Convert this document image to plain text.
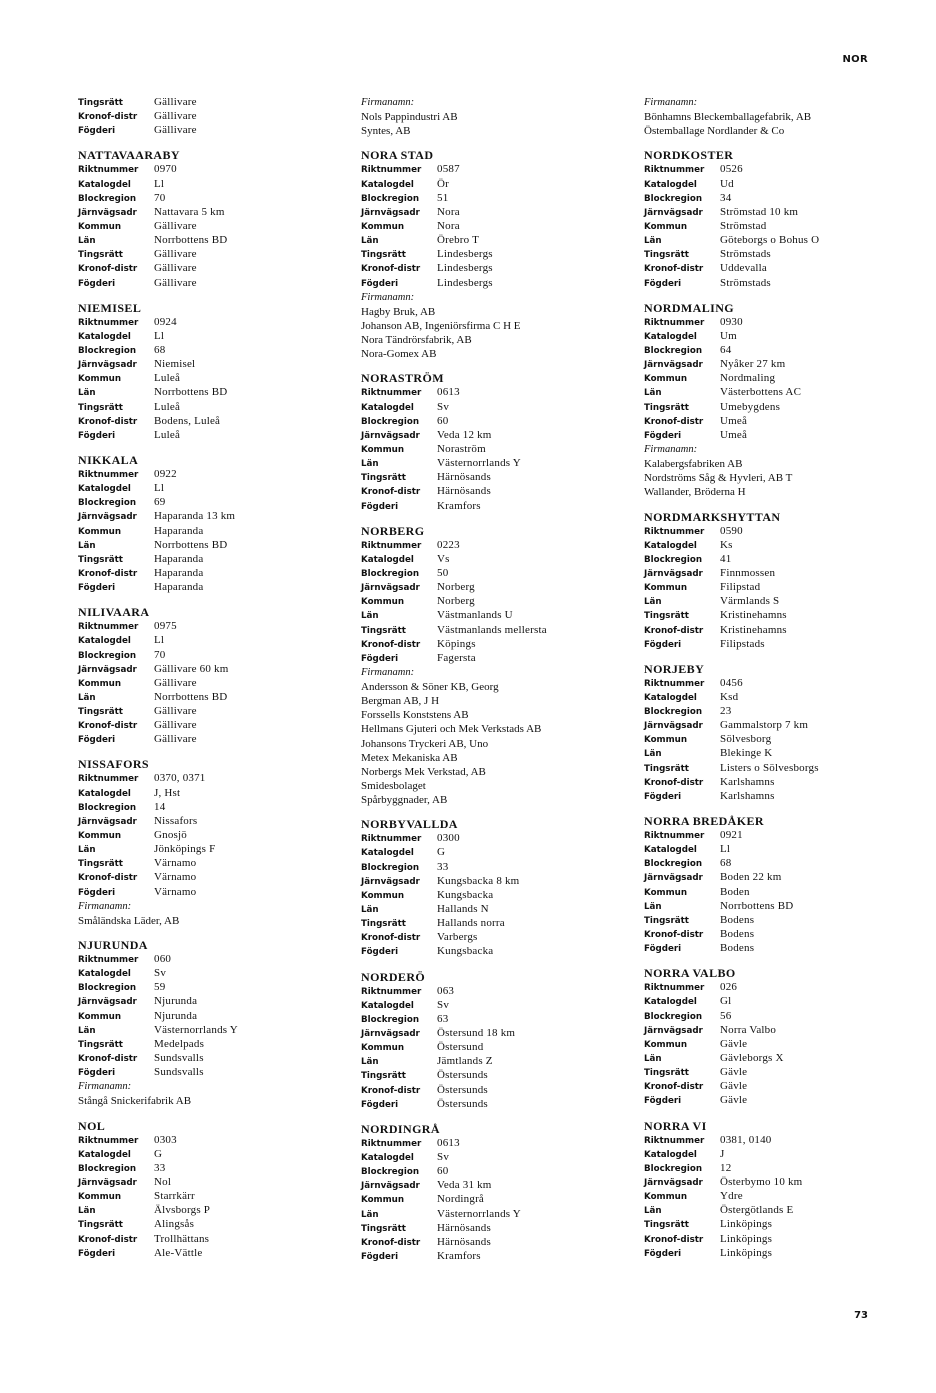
NOR
Tingsrätt	Gällivare
Kronof-distr	Gällivare
Fögderi	Gällivare
NATTAVAARABY
Riktnummer	0970
Katalogdel	Ll
Blockregion	70
Järnvägsadr	Nattavara 5 km
Kommun	Gällivare
Län	Norrbottens BD
Tingsrätt	Gällivare
Kronof-distr	Gällivare
Fögderi	Gällivare
NIEMISEL
Riktnummer	0924
Katalogdel	Ll
Blockregion	68
Järnvägsadr	Niemisel
Kommun	Luleå
Län	Norrbottens BD
Tingsrätt	Luleå
Kronof-distr	Bodens, Luleå
Fögderi	Luleå
NIKKALA
Riktnummer	0922
Katalogdel	Ll
Blockregion	69
Järnvägsadr	Haparanda 13 km
Kommun	Haparanda
Län	Norrbottens BD
Tingsrätt	Haparanda
Kronof-distr	Haparanda
Fögderi	Haparanda
NILIVAARA
Riktnummer	0975
Katalogdel	Ll
Blockregion	70
Järnvägsadr	Gällivare 60 km
Kommun	Gällivare
Län	Norrbottens BD
Tingsrätt	Gällivare
Kronof-distr	Gällivare
Fögderi	Gällivare
NISSAFORS
Riktnummer	0370, 0371
Katalogdel	J, Hst
Blockregion	14
Järnvägsadr	Nissafors
Kommun	Gnosjö
Län	Jönköpings F
Tingsrätt	Värnamo
Kronof-distr	Värnamo
Fögderi	Värnamo
Firmanamn:
Småländska Läder, AB
NJURUNDA
Riktnummer	060
Katalogdel	Sv
Blockregion	59
Järnvägsadr	Njurunda
Kommun	Njurunda
Län	Västernorrlands Y
Tingsrätt	Medelpads
Kronof-distr	Sundsvalls
Fögderi	Sundsvalls
Firmanamn:
Stångå Snickerifabrik AB
NOL
Riktnummer	0303
Katalogdel	G
Blockregion	33
Järnvägsadr	Nol
Kommun	Starrkärr
Län	Älvsborgs P
Tingsrätt	Alingsås
Kronof-distr	Trollhättans
Fögderi	Ale-Vättle
Firmanamn:
Nols Pappindustri AB
Syntes, AB
NORA STAD
Riktnummer	0587
Katalogdel	Ör
Blockregion	51
Järnvägsadr	Nora
Kommun	Nora
Län	Örebro T
Tingsrätt	Lindesbergs
Kronof-distr	Lindesbergs
Fögderi	Lindesbergs
Firmanamn:
Hagby Bruk, AB
Johanson AB, Ingeniörsfirma C H E
Nora Tändrörsfabrik, AB
Nora-Gomex AB
NORASTRÖM
Riktnummer	0613
Katalogdel	Sv
Blockregion	60
Järnvägsadr	Veda 12 km
Kommun	Noraström
Län	Västernorrlands Y
Tingsrätt	Härnösands
Kronof-distr	Härnösands
Fögderi	Kramfors
NORBERG
Riktnummer	0223
Katalogdel	Vs
Blockregion	50
Järnvägsadr	Norberg
Kommun	Norberg
Län	Västmanlands U
Tingsrätt	Västmanlands mellersta
Kronof-distr	Köpings
Fögderi	Fagersta
Firmanamn:
Andersson & Söner KB, Georg
Bergman AB, J H
Forssells Konststens AB
Hellmans Gjuteri och Mek Verkstads AB
Johansons Tryckeri AB, Uno
Metex Mekaniska AB
Norbergs Mek Verkstad, AB
Smidesbolaget
Spårbyggnader, AB
NORBYVALLDA
Riktnummer	0300
Katalogdel	G
Blockregion	33
Järnvägsadr	Kungsbacka 8 km
Kommun	Kungsbacka
Län	Hallands N
Tingsrätt	Hallands norra
Kronof-distr	Varbergs
Fögderi	Kungsbacka
NORDERÖ
Riktnummer	063
Katalogdel	Sv
Blockregion	63
Järnvägsadr	Östersund 18 km
Kommun	Östersund
Län	Jämtlands Z
Tingsrätt	Östersunds
Kronof-distr	Östersunds
Fögderi	Östersunds
NORDINGRÅ
Riktnummer	0613
Katalogdel	Sv
Blockregion	60
Järnvägsadr	Veda 31 km
Kommun	Nordingrå
Län	Västernorrlands Y
Tingsrätt	Härnösands
Kronof-distr	Härnösands
Fögderi	Kramfors
Firmanamn:
Bönhamns Bleckemballagefabrik, AB
Östemballage Nordlander & Co
NORDKOSTER
Riktnummer	0526
Katalogdel	Ud
Blockregion	34
Järnvägsadr	Strömstad 10 km
Kommun	Strömstad
Län	Göteborgs o Bohus O
Tingsrätt	Strömstads
Kronof-distr	Uddevalla
Fögderi	Strömstads
NORDMALING
Riktnummer	0930
Katalogdel	Um
Blockregion	64
Järnvägsadr	Nyåker 27 km
Kommun	Nordmaling
Län	Västerbottens AC
Tingsrätt	Umebygdens
Kronof-distr	Umeå
Fögderi	Umeå
Firmanamn:
Kalabergsfabriken AB
Nordströms Såg & Hyvleri, AB T
Wallander, Bröderna H
NORDMARKSHYTTAN
Riktnummer	0590
Katalogdel	Ks
Blockregion	41
Järnvägsadr	Finnmossen
Kommun	Filipstad
Län	Värmlands S
Tingsrätt	Kristinehamns
Kronof-distr	Kristinehamns
Fögderi	Filipstads
NORJEBY
Riktnummer	0456
Katalogdel	Ksd
Blockregion	23
Järnvägsadr	Gammalstorp 7 km
Kommun	Sölvesborg
Län	Blekinge K
Tingsrätt	Listers o Sölvesborgs
Kronof-distr	Karlshamns
Fögderi	Karlshamns
NORRA BREDÅKER
Riktnummer	0921
Katalogdel	Ll
Blockregion	68
Järnvägsadr	Boden 22 km
Kommun	Boden
Län	Norrbottens BD
Tingsrätt	Bodens
Kronof-distr	Bodens
Fögderi	Bodens
NORRA VALBO
Riktnummer	026
Katalogdel	Gl
Blockregion	56
Järnvägsadr	Norra Valbo
Kommun	Gävle
Län	Gävleborgs X
Tingsrätt	Gävle
Kronof-distr	Gävle
Fögderi	Gävle
NORRA VI
Riktnummer	0381, 0140
Katalogdel	J
Blockregion	12
Järnvägsadr	Österbymo 10 km
Kommun	Ydre
Län	Östergötlands E
Tingsrätt	Linköpings
Kronof-distr	Linköpings
Fögderi	Linköpings
73
